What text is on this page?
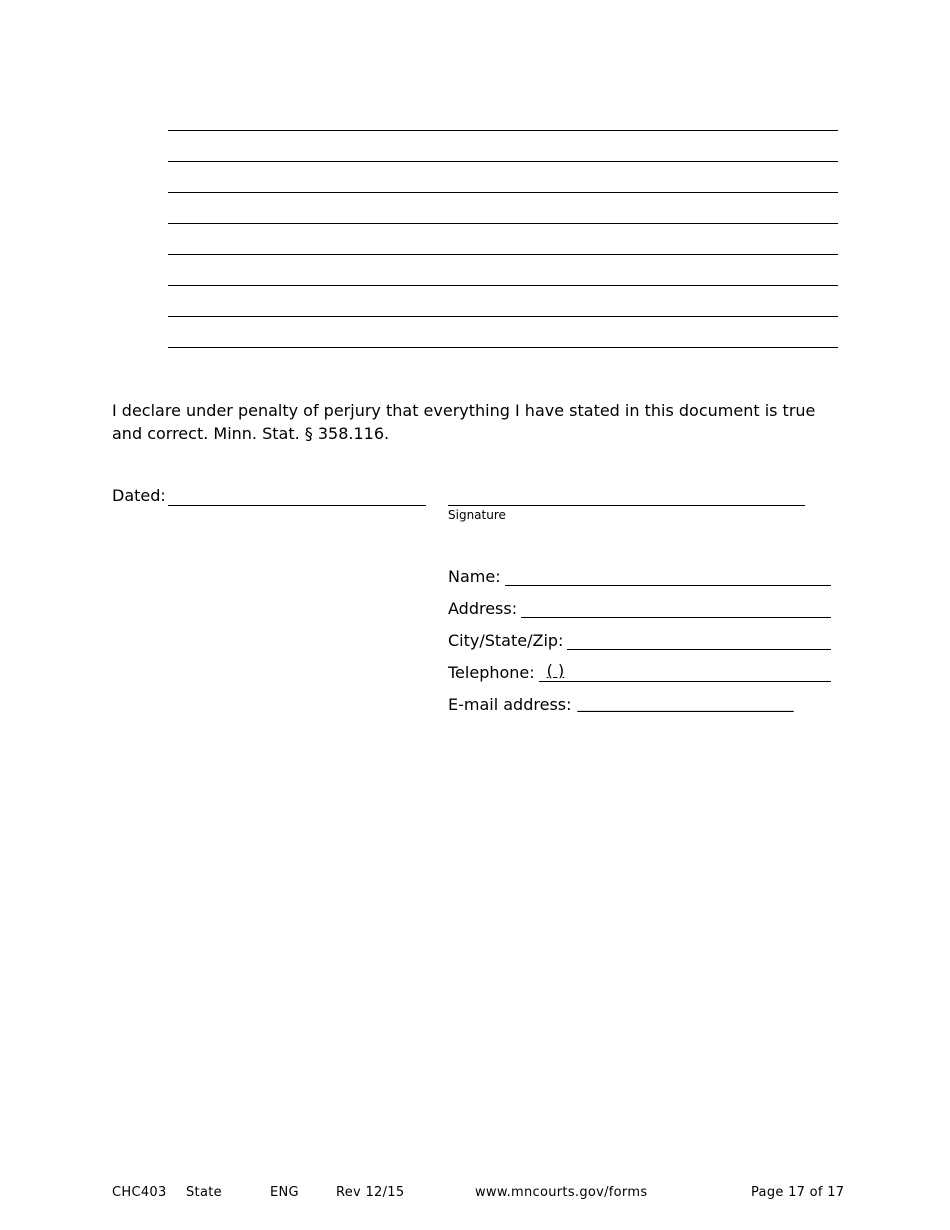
I declare under penalty of perjury that everything I have stated in this document is true and correct. Minn. Stat. § 358.116.
Dated:
Signature
Name:
Address:
City/State/Zip:
Telephone: ( )
E-mail address: ___________________________
CHC403 State	ENG	Rev 12/15	www.mncourts.gov/forms	Page 17 of 17
